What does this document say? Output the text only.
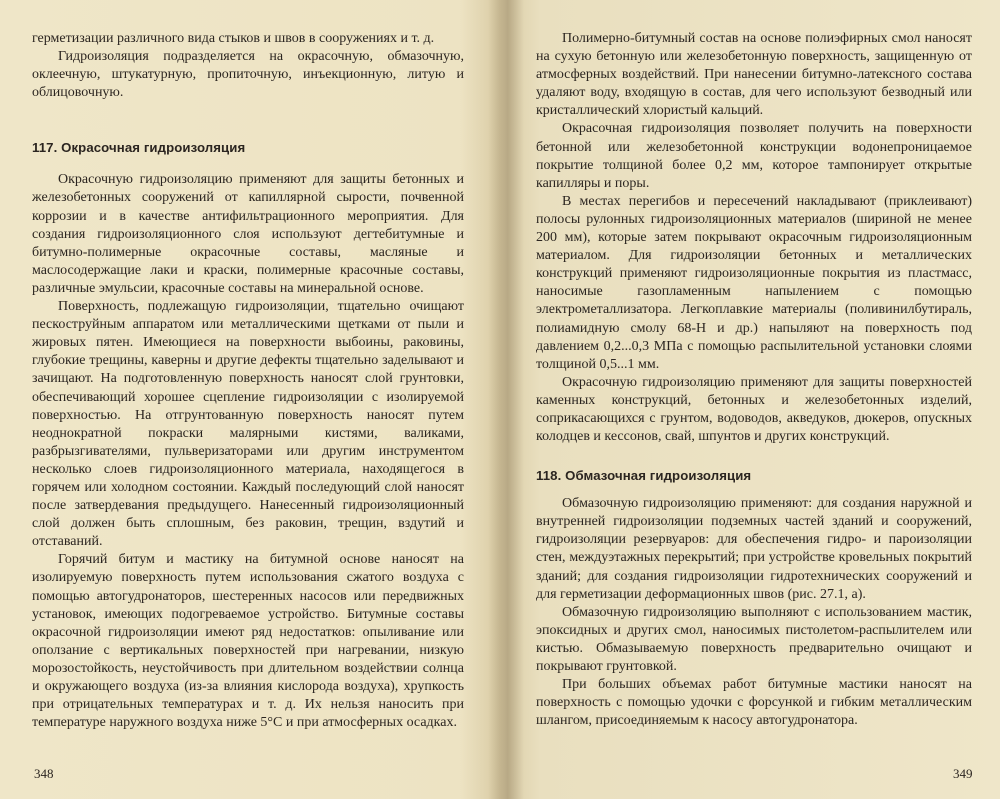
герметизации различного вида стыков и швов в сооружениях и т. д.

Гидроизоляция подразделяется на окрасочную, обмазочную, оклеечную, штукатурную, пропиточную, инъекционную, литую и облицовочную.

117. Окрасочная гидроизоляция

Окрасочную гидроизоляцию применяют для защиты бетонных и железобетонных сооружений от капиллярной сырости, почвенной коррозии и в качестве антифильтрационного мероприятия. Для создания гидроизоляционного слоя используют дегтебитумные и битумно-полимерные окрасочные составы, масляные и маслосодержащие лаки и краски, полимерные красочные составы, различные эмульсии, красочные составы на минеральной основе.

Поверхность, подлежащую гидроизоляции, тщательно очищают пескоструйным аппаратом или металлическими щетками от пыли и жировых пятен. Имеющиеся на поверхности выбоины, раковины, глубокие трещины, каверны и другие дефекты тщательно заделывают и зачищают. На подготовленную поверхность наносят слой грунтовки, обеспечивающий хорошее сцепление гидроизоляции с изолируемой поверхностью. На отгрунтованную поверхность наносят путем неоднократной покраски малярными кистями, валиками, разбрызгивателями, пульверизаторами или другим инструментом несколько слоев гидроизоляционного материала, находящегося в горячем или холодном состоянии. Каждый последующий слой наносят после затвердевания предыдущего. Нанесенный гидроизоляционный слой должен быть сплошным, без раковин, трещин, вздутий и отставаний.

Горячий битум и мастику на битумной основе наносят на изолируемую поверхность путем использования сжатого воздуха с помощью автогудронаторов, шестеренных насосов или передвижных установок, имеющих подогреваемое устройство. Битумные составы окрасочной гидроизоляции имеют ряд недостатков: опыливание или оползание с вертикальных поверхностей при нагревании, низкую морозостойкость, неустойчивость при длительном воздействии солнца и окружающего воздуха (из-за влияния кислорода воздуха), хрупкость при отрицательных температурах и т. д. Их нельзя наносить при температуре наружного воздуха ниже 5°С и при атмосферных осадках.

Полимерно-битумный состав на основе полиэфирных смол наносят на сухую бетонную или железобетонную поверхность, защищенную от атмосферных воздействий. При нанесении битумно-латексного состава удаляют воду, входящую в состав, для чего используют безводный или кристаллический хлористый кальций.

Окрасочная гидроизоляция позволяет получить на поверхности бетонной или железобетонной конструкции водонепроницаемое покрытие толщиной более 0,2 мм, которое тампонирует открытые капилляры и поры.

В местах перегибов и пересечений накладывают (приклеивают) полосы рулонных гидроизоляционных материалов (шириной не менее 200 мм), которые затем покрывают окрасочным гидроизоляционным материалом. Для гидроизоляции бетонных и металлических конструкций применяют гидроизоляционные покрытия из пластмасс, наносимые газопламенным напылением с помощью электрометаллизатора. Легкоплавкие материалы (поливинилбутираль, полиамидную смолу 68-Н и др.) напыляют на поверхность под давлением 0,2...0,3 МПа с помощью распылительной установки слоями толщиной 0,5...1 мм.

Окрасочную гидроизоляцию применяют для защиты поверхностей каменных конструкций, бетонных и железобетонных изделий, соприкасающихся с грунтом, водоводов, акведуков, дюкеров, опускных колодцев и кессонов, свай, шпунтов и других конструкций.

118. Обмазочная гидроизоляция

Обмазочную гидроизоляцию применяют: для создания наружной и внутренней гидроизоляции подземных частей зданий и сооружений, гидроизоляции резервуаров: для обеспечения гидро- и пароизоляции стен, междуэтажных перекрытий; при устройстве кровельных покрытий зданий; для создания гидроизоляции гидротехнических сооружений и для герметизации деформационных швов (рис. 27.1, а).

Обмазочную гидроизоляцию выполняют с использованием мастик, эпоксидных и других смол, наносимых пистолетом-распылителем или кистью. Обмазываемую поверхность предварительно очищают и покрывают грунтовкой.

При больших объемах работ битумные мастики наносят на поверхность с помощью удочки с форсункой и гибким металлическим шлангом, присоединяемым к насосу автогудронатора.

348	349
